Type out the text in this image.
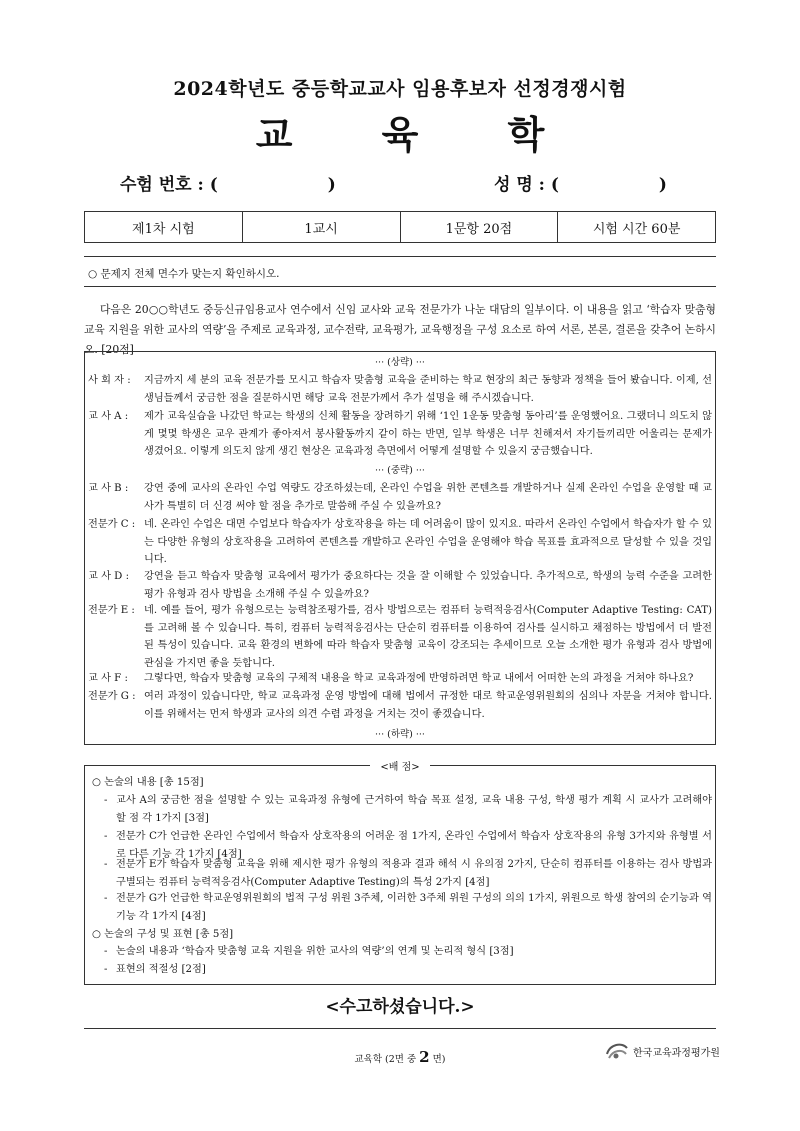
2024학년도 중등학교교사 임용후보자 선정경쟁시험
교 육 학
수험 번호 : (	)	성 명 : (	)
제1차 시험	1교시	1문항 20점	시험 시간 60분
○ 문제지 전체 면수가 맞는지 확인하시오.
다음은 20○○학년도 중등신규임용교사 연수에서 신임 교사와 교육 전문가가 나눈 대담의 일부이다. 이 내용을 읽고 ‘학습자 맞춤형 교육 지원을 위한 교사의 역량’을 주제로 교육과정, 교수전략, 교육평가, 교육행정을 구성 요소로 하여 서론, 본론, 결론을 갖추어 논하시오. [20점]
··· (상략) ···
사 회 자 :	지금까지 세 분의 교육 전문가를 모시고 학습자 맞춤형 교육을 준비하는 학교 현장의 최근 동향과 정책을 들어 봤습니다. 이제, 선생님들께서 궁금한 점을 질문하시면 해당 교육 전문가께서 추가 설명을 해 주시겠습니다.
교 사 A :	제가 교육실습을 나갔던 학교는 학생의 신체 활동을 장려하기 위해 ‘1인 1운동 맞춤형 동아리’를 운영했어요. 그랬더니 의도치 않게 몇몇 학생은 교우 관계가 좋아져서 봉사활동까지 같이 하는 반면, 일부 학생은 너무 친해져서 자기들끼리만 어울리는 문제가 생겼어요. 이렇게 의도치 않게 생긴 현상은 교육과정 측면에서 어떻게 설명할 수 있을지 궁금했습니다.
··· (중략) ···
교 사 B :	강연 중에 교사의 온라인 수업 역량도 강조하셨는데, 온라인 수업을 위한 콘텐츠를 개발하거나 실제 온라인 수업을 운영할 때 교사가 특별히 더 신경 써야 할 점을 추가로 말씀해 주실 수 있을까요?
전문가 C : 네. 온라인 수업은 대면 수업보다 학습자가 상호작용을 하는 데 어려움이 많이 있지요. 따라서 온라인 수업에서 학습자가 할 수 있는 다양한 유형의 상호작용을 고려하여 콘텐츠를 개발하고 온라인 수업을 운영해야 학습 목표를 효과적으로 달성할 수 있을 것입니다.
교 사 D :	강연을 듣고 학습자 맞춤형 교육에서 평가가 중요하다는 것을 잘 이해할 수 있었습니다. 추가적으로, 학생의 능력 수준을 고려한 평가 유형과 검사 방법을 소개해 주실 수 있을까요?
전문가 E : 네. 예를 들어, 평가 유형으로는 능력참조평가를, 검사 방법으로는 컴퓨터 능력적응검사(Computer Adaptive Testing: CAT)를 고려해 볼 수 있습니다. 특히, 컴퓨터 능력적응검사는 단순히 컴퓨터를 이용하여 검사를 실시하고 채점하는 방법에서 더 발전된 특성이 있습니다. 교육 환경의 변화에 따라 학습자 맞춤형 교육이 강조되는 추세이므로 오늘 소개한 평가 유형과 검사 방법에 관심을 가지면 좋을 듯합니다.
교 사 F :	그렇다면, 학습자 맞춤형 교육의 구체적 내용을 학교 교육과정에 반영하려면 학교 내에서 어떠한 논의 과정을 거쳐야 하나요?
전문가 G : 여러 과정이 있습니다만, 학교 교육과정 운영 방법에 대해 법에서 규정한 대로 학교운영위원회의 심의나 자문을 거쳐야 합니다. 이를 위해서는 먼저 학생과 교사의 의견 수렴 과정을 거치는 것이 좋겠습니다.
··· (하략) ···
<배 점>
○ 논술의 내용 [총 15점]
- 교사 A의 궁금한 점을 설명할 수 있는 교육과정 유형에 근거하여 학습 목표 설정, 교육 내용 구성, 학생 평가 계획 시 교사가 고려해야 할 점 각 1가지 [3점]
- 전문가 C가 언급한 온라인 수업에서 학습자 상호작용의 어려운 점 1가지, 온라인 수업에서 학습자 상호작용의 유형 3가지와 유형별 서로 다른 기능 각 1가지 [4점]
- 전문가 E가 학습자 맞춤형 교육을 위해 제시한 평가 유형의 적용과 결과 해석 시 유의점 2가지, 단순히 컴퓨터를 이용하는 검사 방법과 구별되는 컴퓨터 능력적응검사(Computer Adaptive Testing)의 특성 2가지 [4점]
- 전문가 G가 언급한 학교운영위원회의 법적 구성 위원 3주체, 이러한 3주체 위원 구성의 의의 1가지, 위원으로 학생 참여의 순기능과 역기능 각 1가지 [4점]
○ 논술의 구성 및 표현 [총 5점]
- 논술의 내용과 ‘학습자 맞춤형 교육 지원을 위한 교사의 역량’의 연계 및 논리적 형식 [3점]
- 표현의 적절성 [2점]
<수고하셨습니다.>
교육학 (2면 중 2 면)
한국교육과정평가원
